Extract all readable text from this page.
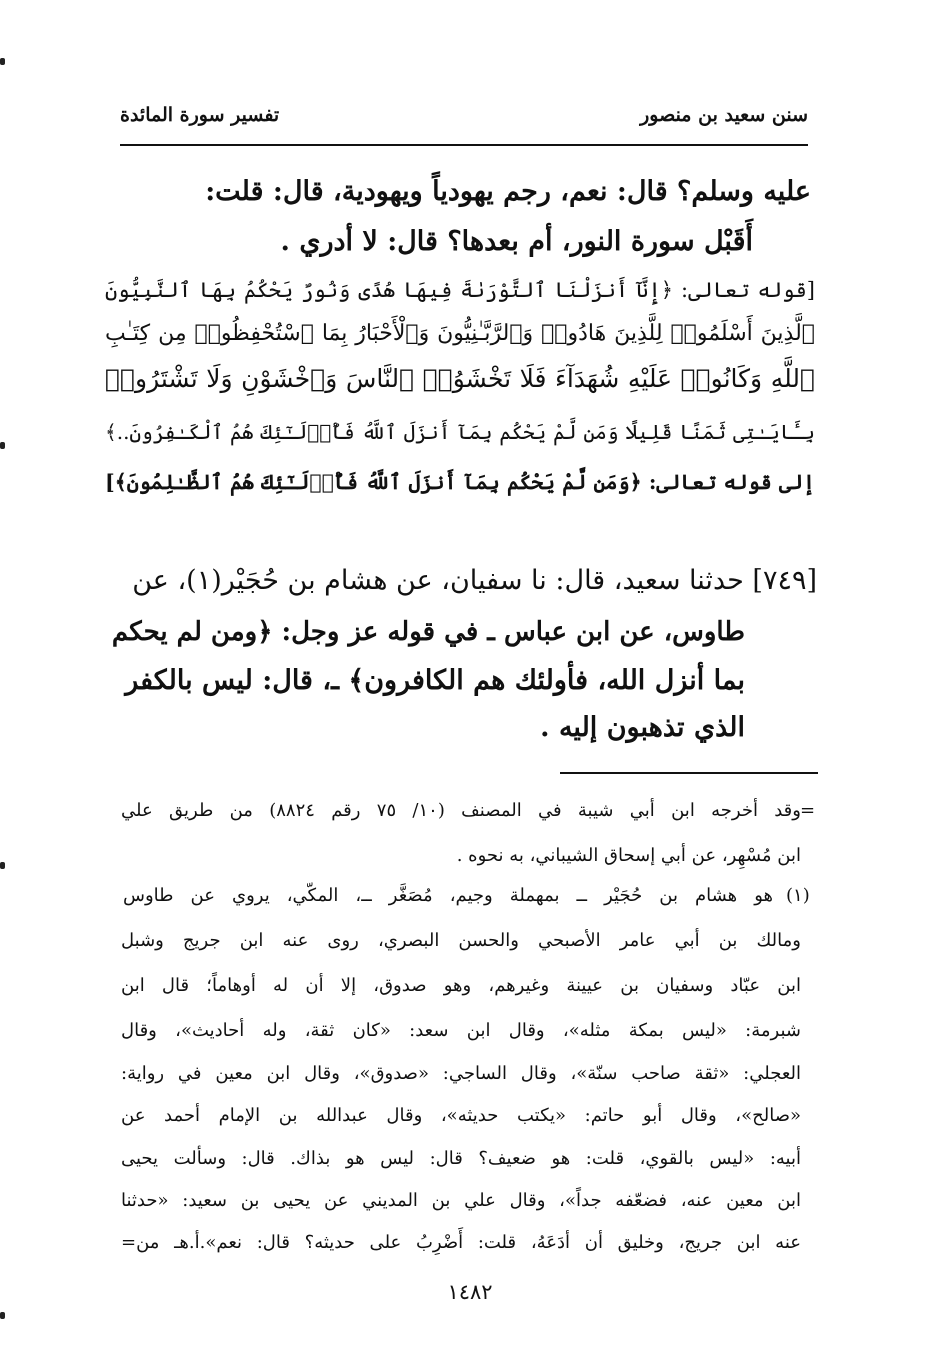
سنن سعيد بن منصور
تفسير سورة المائدة
عليه وسلم؟ قال: نعم، رجم يهودياً ويهودية، قال: قلت:
أَقَبْل سورة النور، أم بعدها؟ قال: لا أدري .
[قوله تعالى: ﴿إِنَّآ أَنزَلْنَا ٱلتَّوْرَىٰةَ فِيهَا هُدًى وَنُورٌ يَحْكُمُ بِهَا ٱلنَّبِيُّونَ
ٱلَّذِينَ أَسْلَمُوا۟ لِلَّذِينَ هَادُوا۟ وَٱلرَّبَّـٰنِيُّونَ وَٱلْأَحْبَارُ بِمَا ٱسْتُحْفِظُوا۟ مِن كِتَـٰبِ
ٱللَّهِ وَكَانُوا۟ عَلَيْهِ شُهَدَآءَ فَلَا تَخْشَوُا۟ ٱلنَّاسَ وَٱخْشَوْنِ وَلَا تَشْتَرُوا۟
بِـَٔايَـٰتِى ثَمَنًا قَلِيلًا وَمَن لَّمْ يَحْكُم بِمَآ أَنزَلَ ٱللَّهُ فَأُو۟لَـٰٓئِكَ هُمُ ٱلْكَـٰفِرُونَ..﴾
إلى قوله تعالى: ﴿وَمَن لَّمْ يَحْكُم بِمَآ أَنزَلَ ٱللَّهُ فَأُو۟لَـٰٓئِكَ هُمُ ٱلظَّـٰلِمُونَ﴾]
[٧٤٩] حدثنا سعيد، قال: نا سفيان، عن هشام بن حُجَيْر(١)، عن
طاوس، عن ابن عباس ـ في قوله عز وجل: ﴿ومن لم يحكم
بما أنزل الله، فأولئك هم الكافرون﴾ ـ، قال: ليس بالكفر
الذي تذهبون إليه .
=
وقد أخرجه ابن أبي شيبة في المصنف (١٠/ ٧٥ رقم ٨٨٢٤) من طريق علي
ابن مُسْهِر، عن أبي إسحاق الشيباني، به نحوه .
(١)
هو هشام بن حُجَيْر ــ بمهملة وجيم، مُصَغَّر ــ، المكّي، يروي عن طاوس
ومالك بن أبي عامر الأصبحي والحسن البصري، روى عنه ابن جريج وشبل
ابن عبّاد وسفيان بن عيينة وغيرهم، وهو صدوق، إلا أن له أوهاماً؛ قال ابن
شبرمة: «ليس بمكة مثله»، وقال ابن سعد: «كان ثقة، وله أحاديث»، وقال
العجلي: «ثقة صاحب سنّة»، وقال الساجي: «صدوق»، وقال ابن معين في رواية:
«صالح»، وقال أبو حاتم: «يكتب حديثه»، وقال عبدالله بن الإمام أحمد عن
أبيه: «ليس بالقوي، قلت: هو ضعيف؟ قال: ليس هو بذاك. قال: وسألت يحيى
ابن معين عنه، فضعّفه جداً»، وقال علي بن المديني عن يحيى بن سعيد: «حدثنا
عنه ابن جريج، وخليق أن أدَعَهُ، قلت: أَضْرِبُ على حديثه؟ قال: نعم».أ.هـ من=
١٤٨٢
